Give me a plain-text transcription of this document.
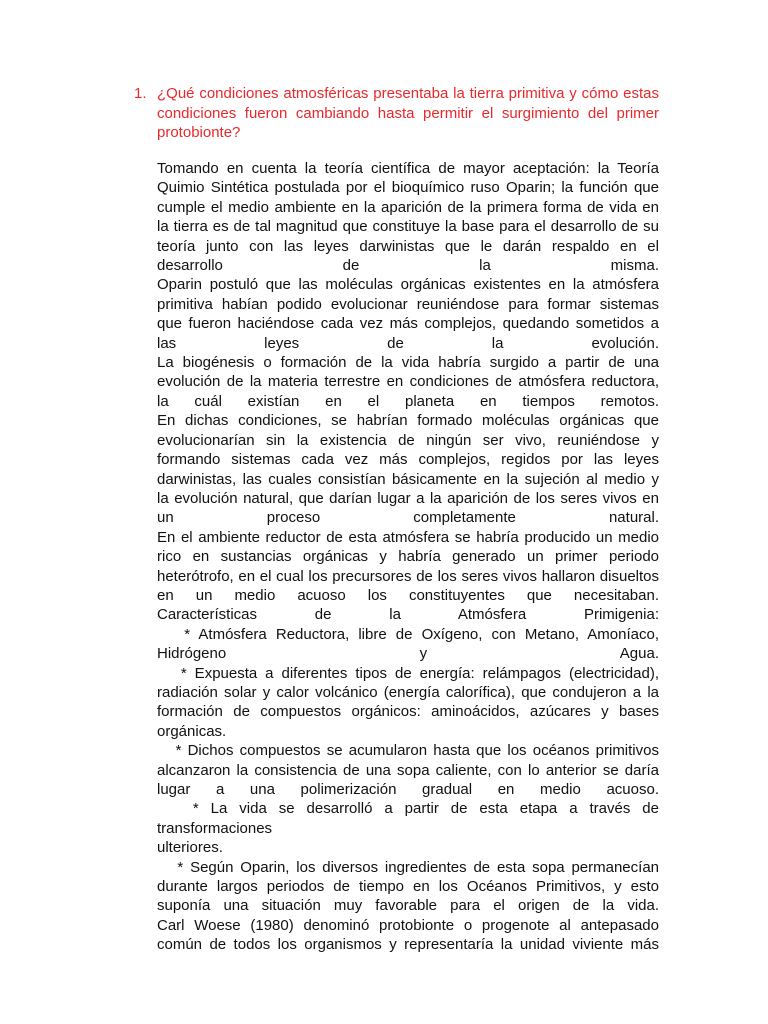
1. ¿Qué condiciones atmosféricas presentaba la tierra primitiva y cómo estas condiciones fueron cambiando hasta permitir el surgimiento del primer protobionte?

Tomando en cuenta la teoría científica de mayor aceptación: la Teoría
Quimio Sintética postulada por el bioquímico ruso Oparin; la función que
cumple el medio ambiente en la aparición de la primera forma de vida en
la tierra es de tal magnitud que constituye la base para el desarrollo de su
teoría junto con las leyes darwinistas que le darán respaldo en el
desarrollo de la misma.
Oparin postuló que las moléculas orgánicas existentes en la atmósfera
primitiva habían podido evolucionar reuniéndose para formar sistemas
que fueron haciéndose cada vez más complejos, quedando sometidos a
las leyes de la evolución.
La biogénesis o formación de la vida habría surgido a partir de una
evolución de la materia terrestre en condiciones de atmósfera reductora,
la cuál existían en el planeta en tiempos remotos.
En dichas condiciones, se habrían formado moléculas orgánicas que
evolucionarían sin la existencia de ningún ser vivo, reuniéndose y
formando sistemas cada vez más complejos, regidos por las leyes
darwinistas, las cuales consistían básicamente en la sujeción al medio y
la evolución natural, que darían lugar a la aparición de los seres vivos en
un proceso completamente natural.
En el ambiente reductor de esta atmósfera se habría producido un medio
rico en sustancias orgánicas y habría generado un primer periodo
heterótrofo, en el cual los precursores de los seres vivos hallaron disueltos
en un medio acuoso los constituyentes que necesitaban.
Características de la Atmósfera Primigenia:
* Atmósfera Reductora, libre de Oxígeno, con Metano, Amoníaco,
Hidrógeno y Agua.
* Expuesta a diferentes tipos de energía: relámpagos (electricidad),
radiación solar y calor volcánico (energía calorífica), que condujeron a la
formación de compuestos orgánicos: aminoácidos, azúcares y bases
orgánicas.
* Dichos compuestos se acumularon hasta que los océanos primitivos
alcanzaron la consistencia de una sopa caliente, con lo anterior se daría
lugar a una polimerización gradual en medio acuoso.
* La vida se desarrolló a partir de esta etapa a través de transformaciones
ulteriores.
* Según Oparin, los diversos ingredientes de esta sopa permanecían
durante largos periodos de tiempo en los Océanos Primitivos, y esto
suponía una situación muy favorable para el origen de la vida.
Carl Woese (1980) denominó protobionte o progenote al antepasado
común de todos los organismos y representaría la unidad viviente más
